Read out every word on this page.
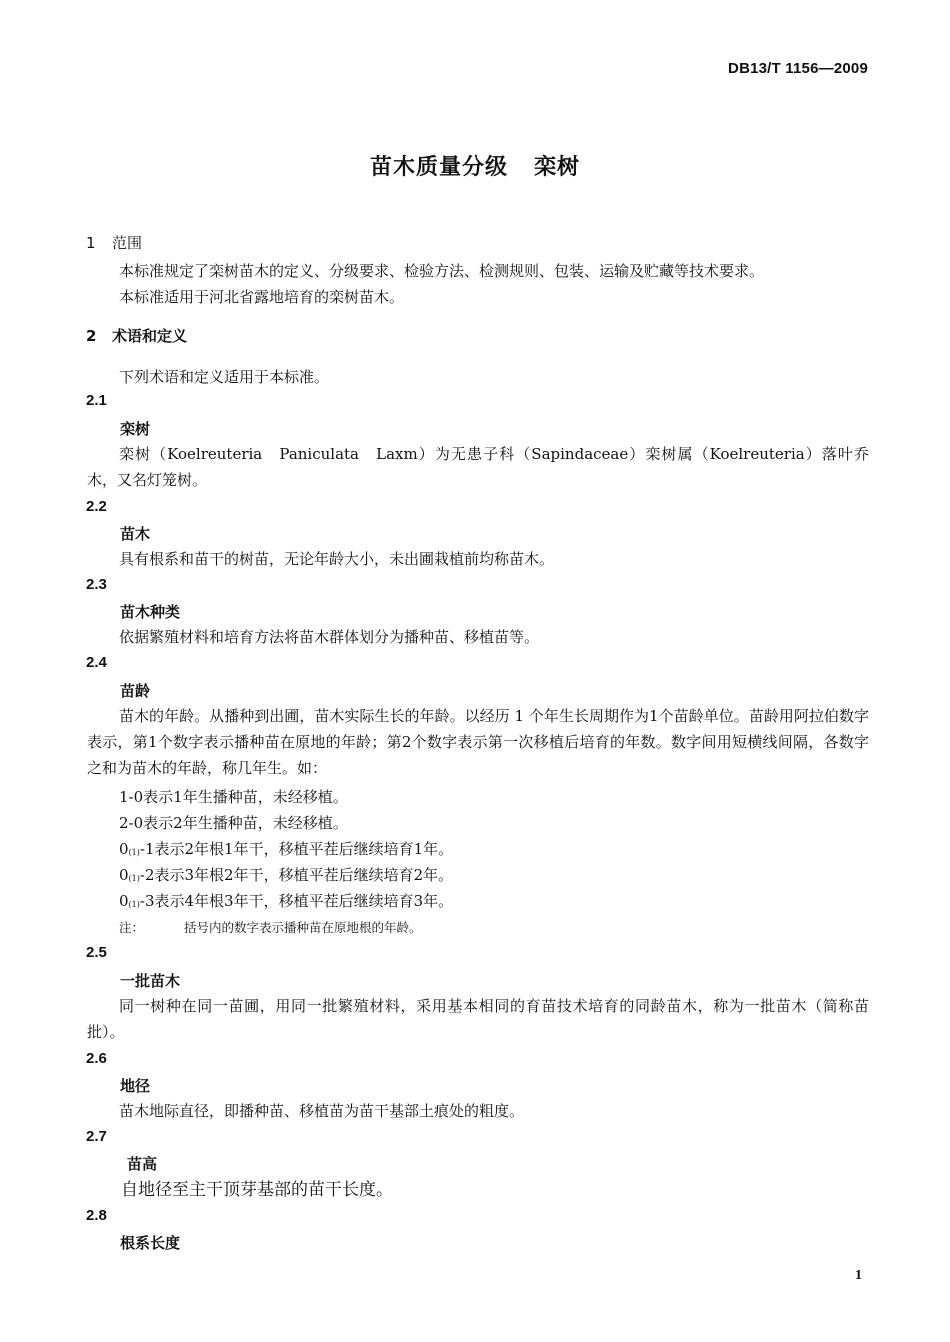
DB13/T 1156—2009
苗木质量分级 栾树
1 范围
本标准规定了栾树苗木的定义、分级要求、检验方法、检测规则、包装、运输及贮藏等技术要求。
本标准适用于河北省露地培育的栾树苗木。
2 术语和定义
下列术语和定义适用于本标准。
2.1
栾树
栾树（Koelreuteria　Paniculata　Laxm）为无患子科（Sapindaceae）栾树属（Koelreuteria）落叶乔木，又名灯笼树。
2.2
苗木
具有根系和苗干的树苗，无论年龄大小，未出圃栽植前均称苗木。
2.3
苗木种类
依据繁殖材料和培育方法将苗木群体划分为播种苗、移植苗等。
2.4
苗龄
苗木的年龄。从播种到出圃，苗木实际生长的年龄。以经历 1 个年生长周期作为1个苗龄单位。苗龄用阿拉伯数字表示，第1个数字表示播种苗在原地的年龄；第2个数字表示第一次移植后培育的年数。数字间用短横线间隔，各数字之和为苗木的年龄，称几年生。如：
1-0表示1年生播种苗，未经移植。
2-0表示2年生播种苗，未经移植。
0(1)-1表示2年根1年干，移植平茬后继续培育1年。
0(1)-2表示3年根2年干，移植平茬后继续培育2年。
0(1)-3表示4年根3年干，移植平茬后继续培育3年。
注：	括号内的数字表示播种苗在原地根的年龄。
2.5
一批苗木
同一树种在同一苗圃，用同一批繁殖材料，采用基本相同的育苗技术培育的同龄苗木，称为一批苗木（简称苗批）。
2.6
地径
苗木地际直径，即播种苗、移植苗为苗干基部土痕处的粗度。
2.7
苗高
自地径至主干顶芽基部的苗干长度。
2.8
根系长度
1
